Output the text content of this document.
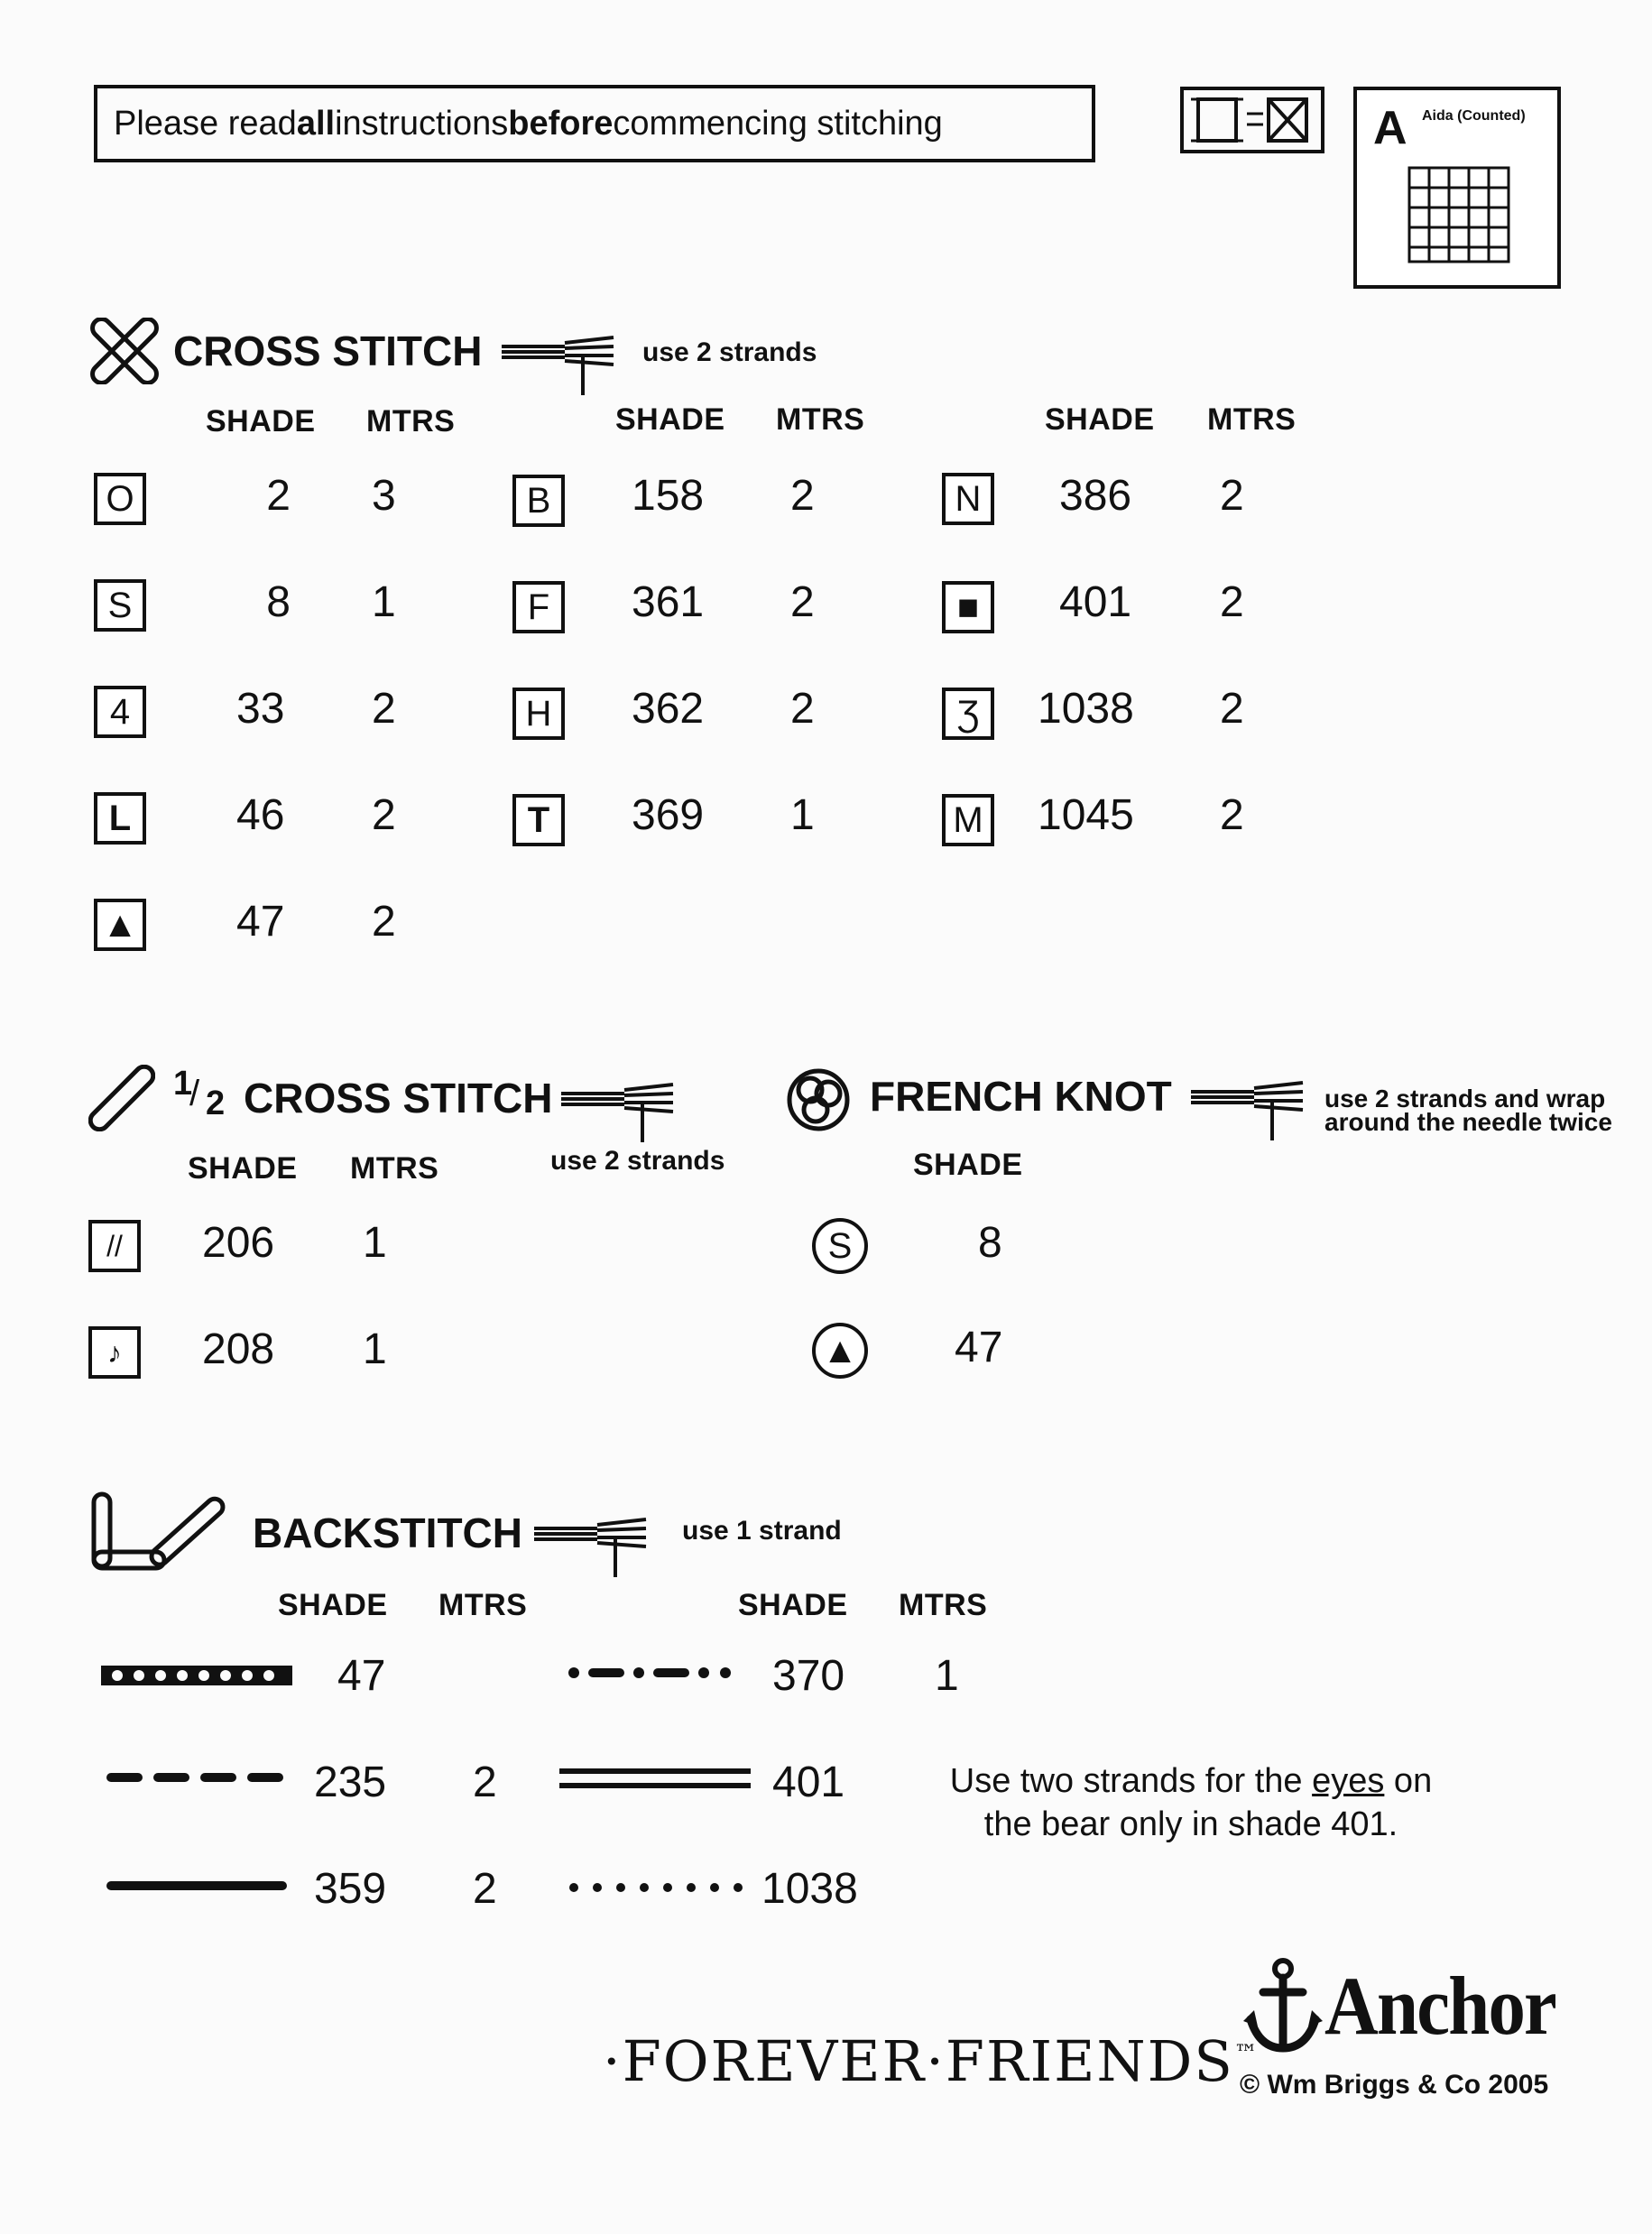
Please read all instructions before commencing stitching	A Aida (Counted)
CROSS STITCH	use 2 strands
SHADE MTRS	SHADE MTRS	SHADE MTRS
O	2 3
S	8 1
4	33 2
L	46 2
▲ 47 2
B	158 2
F	361 2
H	362 2
T	369 1
N	386 2
■	401 2
Ʒ	1038 2
M 1045 2
1
/ 2 CROSS STITCH
use 2 strands
SHADE MTRS
//	206 1
♪	208 1
FRENCH KNOT	use 2 strands and wrap
around the needle twice
SHADE
S	8
▲ 47
BACKSTITCH	use 1 strand
SHADE MTRS	SHADE MTRS
47
235 2
359 2
370 1
401
1038
Use two strands for the eyes on
the bear only in shade 401.
·FOREVER·FRIENDS™
Anchor
© Wm Briggs & Co 2005
